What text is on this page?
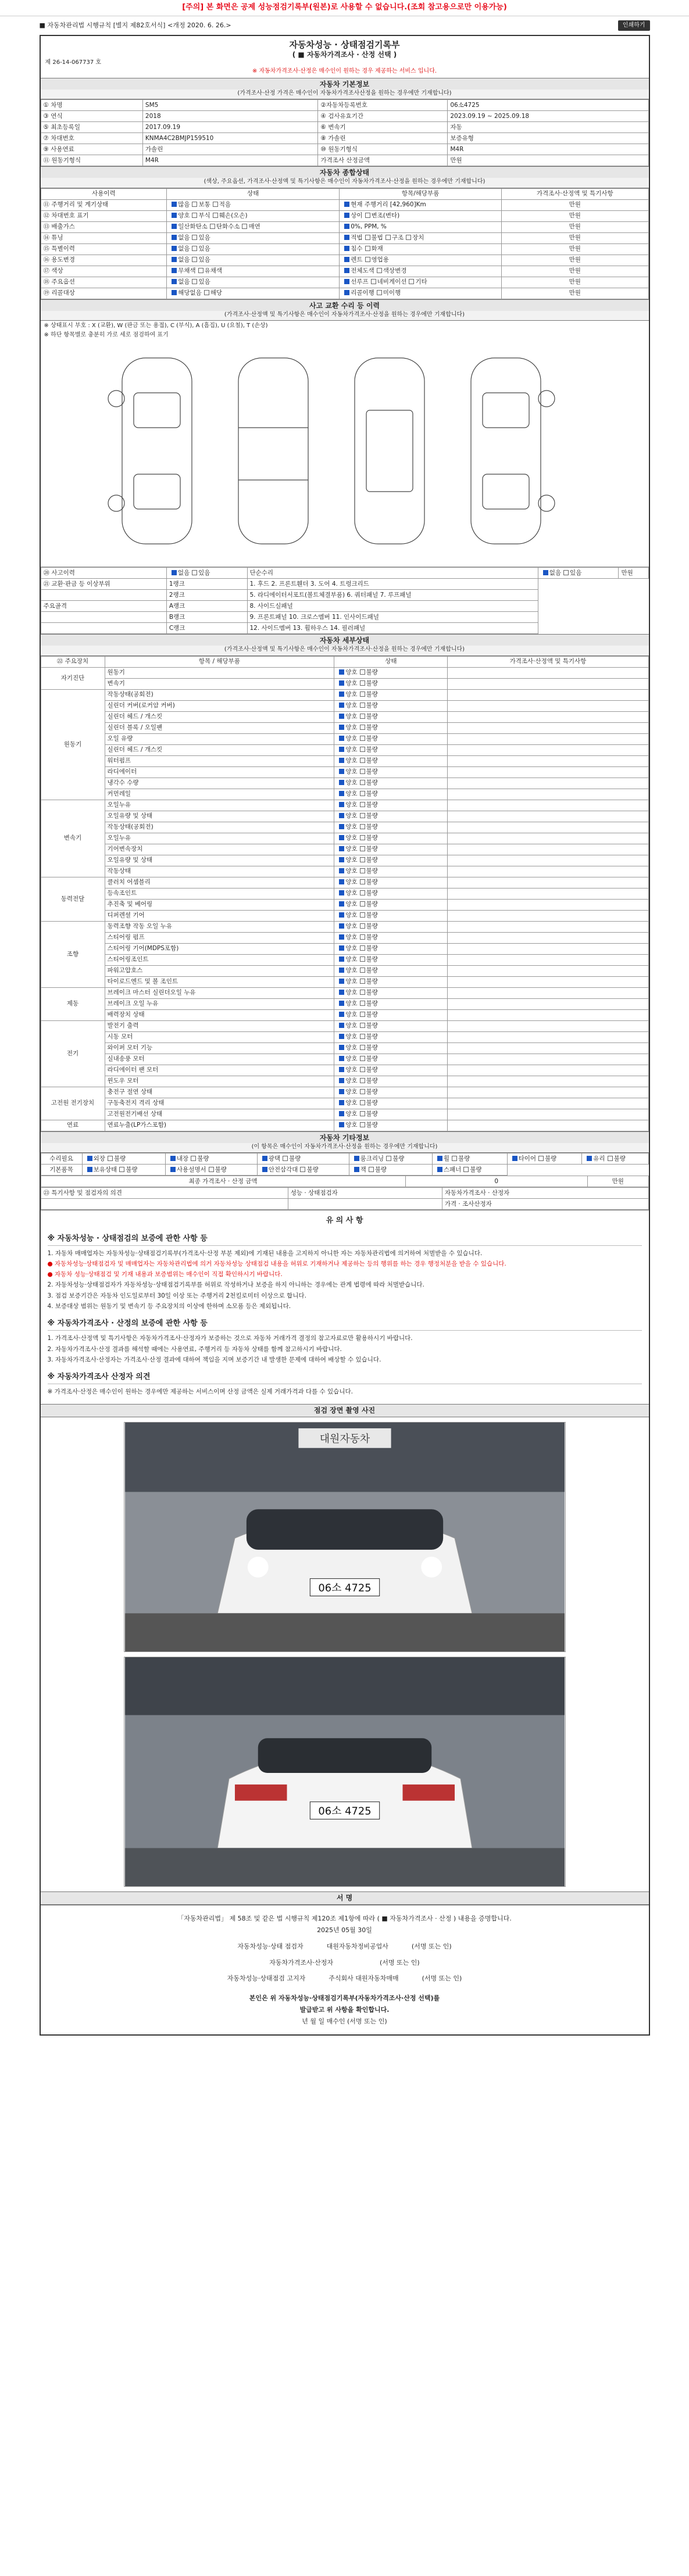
[주의] 본 화면은 공제 성능점검기록부(원본)로 사용할 수 없습니다.(조회 참고용으로만 이용가능)
■ 자동차관리법 시행규칙 [별지 제82호서식] <개정 2020. 6. 26.>	인쇄하기
자동차성능 · 상태점검기록부
( ■ 자동차가격조사 · 산정 선택 )
제 26-14-067737 호
※ 자동차가격조사·산정은 매수인이 원하는 경우 제공하는 서비스 입니다.
자동차 기본정보
(가격조사·산정 가격은 매수인이 자동차가격조사산정을 원하는 경우에만 기재합니다)
① 차명	SM5	②자동차등록번호	06소4725
③ 연식	2018	④ 검사유효기간	2023.09.19 ~ 2025.09.18
⑤ 최초등록일	2017.09.19	⑥ 변속기	자동
⑦ 차대번호	KNMA4C2BMJP159510	⑧ 가솔린	보증유형
⑨ 사용연료	가솔린	⑩ 원동기형식	M4R
⑪ 원동기형식	M4R	가격조사 산정금액	만원
자동차 종합상태
(색상, 주요옵션, 가격조사·산정액 및 특기사항은 매수인이 자동차가격조사·산정을 원하는 경우에만 기재합니다)
사용이력	상태	항목/해당부품	가격조사·산정액 및 특기사항
⑪ 주행거리 및 계기상태	많음 보통 적음	현재 주행거리 [42,960]Km	만원
⑫ 차대번호 표기	양호 부식 훼손(오손)	상이 변조(변타)	만원
⑬ 배출가스	일산화탄소 탄화수소 매연	0%, PPM, %	만원
⑭ 튜닝	없음 있음	적법 불법 구조 장치	만원
⑮ 특별이력	없음 있음	침수 화재	만원
⑯ 용도변경	없음 있음	렌트 영업용	만원
⑰ 색상	무채색 유채색	전체도색 색상변경	만원
⑱ 주요옵션	없음 있음	선루프 네비게이션 기타	만원
⑲ 리콜대상	해당없음 해당	리콜이행 미이행	만원
사고 교환 수리 등 이력
(가격조사·산정액 및 특기사항은 매수인이 자동차가격조사·산정을 원하는 경우에만 기재합니다)
※ 상태표시 부호 : X (교환), W (판금 또는 용접), C (부식), A (흠집), U (요철), T (손상)
※ 하단 항목별로 충분히 가로 세로 점검하여 표기
⑳ 사고이력	없음 있음	단순수리	없음 있음	만원
㉑ 교환·판금 등 이상부위	1랭크	1. 후드 2. 프론트휀더 3. 도어 4. 트렁크리드		
	2랭크	5. 라디에이터서포트(볼트체결부품) 6. 쿼터패널 7. 루프패널		
주요골격	A랭크	8. 사이드실패널		
	B랭크	9. 프론트패널 10. 크로스멤버 11. 인사이드패널		
	C랭크	12. 사이드멤버 13. 휠하우스 14. 필러패널		
자동차 세부상태
(가격조사·산정액 및 특기사항은 매수인이 자동차가격조사·산정을 원하는 경우에만 기재합니다)
㉒ 주요장치	항목 / 해당부품	상태	가격조사·산정액 및 특기사항
자기진단	원동기	양호 불량	
	변속기	양호 불량	
원동기	작동상태(공회전)	양호 불량	
	실린더 커버(로커암 커버)	양호 불량	
	실린더 헤드 / 개스킷	양호 불량	
	실린더 블록 / 오일팬	양호 불량	
	오일 유량	양호 불량	
	실린더 헤드 / 개스킷	양호 불량	
	워터펌프	양호 불량	
	라디에이터	양호 불량	
	냉각수 수량	양호 불량	
	커먼레일	양호 불량	
변속기	오일누유	양호 불량	
	오일유량 및 상태	양호 불량	
	작동상태(공회전)	양호 불량	
	오일누유	양호 불량	
	기어변속장치	양호 불량	
	오일유량 및 상태	양호 불량	
	작동상태	양호 불량	
동력전달	클러치 어셈블리	양호 불량	
	등속조인트	양호 불량	
	추진축 및 베어링	양호 불량	
	디퍼렌셜 기어	양호 불량	
조향	동력조향 작동 오일 누유	양호 불량	
	스티어링 펌프	양호 불량	
	스티어링 기어(MDPS포함)	양호 불량	
	스티어링조인트	양호 불량	
	파워고압호스	양호 불량	
	타이로드엔드 및 볼 조인트	양호 불량	
제동	브레이크 마스터 실린더오일 누유	양호 불량	
	브레이크 오일 누유	양호 불량	
	배력장치 상태	양호 불량	
전기	발전기 출력	양호 불량	
	시동 모터	양호 불량	
	와이퍼 모터 기능	양호 불량	
	실내송풍 모터	양호 불량	
	라디에이터 팬 모터	양호 불량	
	윈도우 모터	양호 불량	
고전원 전기장치	충전구 절연 상태	양호 불량	
	구동축전지 격리 상태	양호 불량	
	고전원전기배선 상태	양호 불량	
연료	연료누출(LP가스포함)	양호 불량	
자동차 기타정보
(이 항목은 매수인이 자동차가격조사·산정을 원하는 경우에만 기재합니다)
수리필요	외장 불량	내장 불량	광택 불량	룸크리닝 불량	휠 불량	타이어 불량	유리 불량
기본품목	보유상태 불량	사용설명서 불량	안전삼각대 불량	잭 불량	스패너 불량		
최종 가격조사 · 산정 금액	0	만원
㉓ 특기사항 및 점검자의 의견	성능 · 상태점검자	자동차가격조사 · 산정자
		가격 · 조사산정자
유 의 사 항
※ 자동차성능 · 상태점검의 보증에 관한 사항 등

1. 자동차 매매업자는 자동차성능·상태점검기록부(가격조사·산정 부분 제외)에 기재된 내용을 고지하지 아니한 자는 자동차관리법에 의거하여 처벌받을 수 있습니다.

● 자동차성능·상태점검자 및 매매업자는 자동차관리법에 의거 자동차성능 상태점검 내용을 허위로 기재하거나 제공하는 등의 행위를 하는 경우 행정처분을 받을 수 있습니다.

● 자동차 성능·상태점검 및 기재 내용과 보증범위는 매수인이 직접 확인하시기 바랍니다.

2. 자동차성능·상태점검자가 자동차성능·상태점검기록부를 허위로 작성하거나 보증을 하지 아니하는 경우에는 관계 법령에 따라 처벌받습니다.

3. 점검 보증기간은 자동차 인도일로부터 30일 이상 또는 주행거리 2천킬로미터 이상으로 합니다.

4. 보증대상 범위는 원동기 및 변속기 등 주요장치의 이상에 한하며 소모품 등은 제외됩니다.

※ 자동차가격조사 · 산정의 보증에 관한 사항 등

1. 가격조사·산정액 및 특기사항은 자동차가격조사·산정자가 보증하는 것으로 자동차 거래가격 결정의 참고자료로만 활용하시기 바랍니다.

2. 자동차가격조사·산정 결과를 해석할 때에는 사용연료, 주행거리 등 자동차 상태를 함께 참고하시기 바랍니다.

3. 자동차가격조사·산정자는 가격조사·산정 결과에 대하여 책임을 지며 보증기간 내 발생한 문제에 대하여 배상할 수 있습니다.

※ 자동차가격조사 산정자 의견

※ 가격조사·산정은 매수인이 원하는 경우에만 제공하는 서비스이며 산정 금액은 실제 거래가격과 다를 수 있습니다.

점검 장면 촬영 사진
대원자동차
06소 4725
06소 4725
서 명

「자동차관리법」 제 58조 및 같은 법 시행규칙 제120조 제1항에 따라 ( ■ 자동차가격조사 · 산정 ) 내용을 증명합니다.

2025년 05월 30일

자동차성능·상태 점검자	대원자동차정비공업사	(서명 또는 인)
자동차가격조사·산정자	(서명 또는 인)
자동차성능·상태점검 고지자	주식회사 대원자동차매매	(서명 또는 인)

본인은 위 자동차성능·상태점검기록부(자동차가격조사·산정 선택)를

발급받고 위 사항을 확인합니다.

년 월 일 매수인 (서명 또는 인)
